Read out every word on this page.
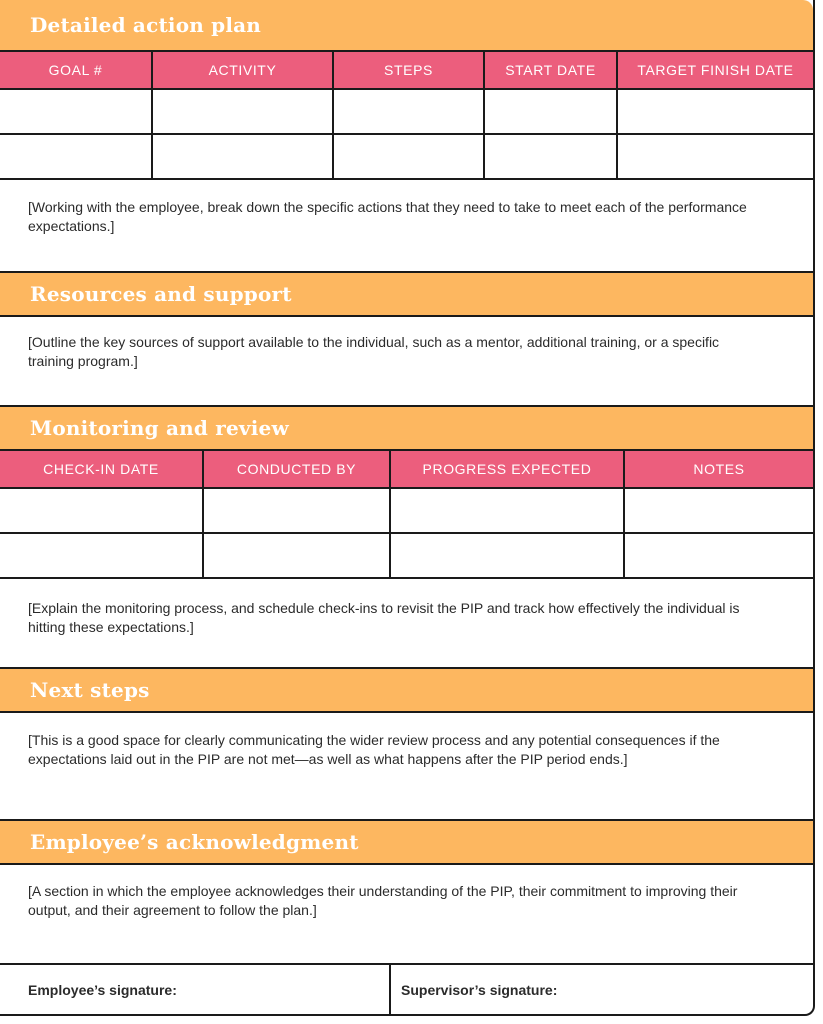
Detailed action plan
GOAL #	ACTIVITY	STEPS	START DATE	TARGET FINISH DATE

[Working with the employee, break down the specific actions that they need to take to meet each of the performance expectations.]

Resources and support

[Outline the key sources of support available to the individual, such as a mentor, additional training, or a specific training program.]

Monitoring and review
CHECK-IN DATE	CONDUCTED BY	PROGRESS EXPECTED	NOTES

[Explain the monitoring process, and schedule check-ins to revisit the PIP and track how effectively the individual is hitting these expectations.]

Next steps

[This is a good space for clearly communicating the wider review process and any potential consequences if the expectations laid out in the PIP are not met—as well as what happens after the PIP period ends.]

Employee’s acknowledgment

[A section in which the employee acknowledges their understanding of the PIP, their commitment to improving their output, and their agreement to follow the plan.]

Employee’s signature:	Supervisor’s signature:
